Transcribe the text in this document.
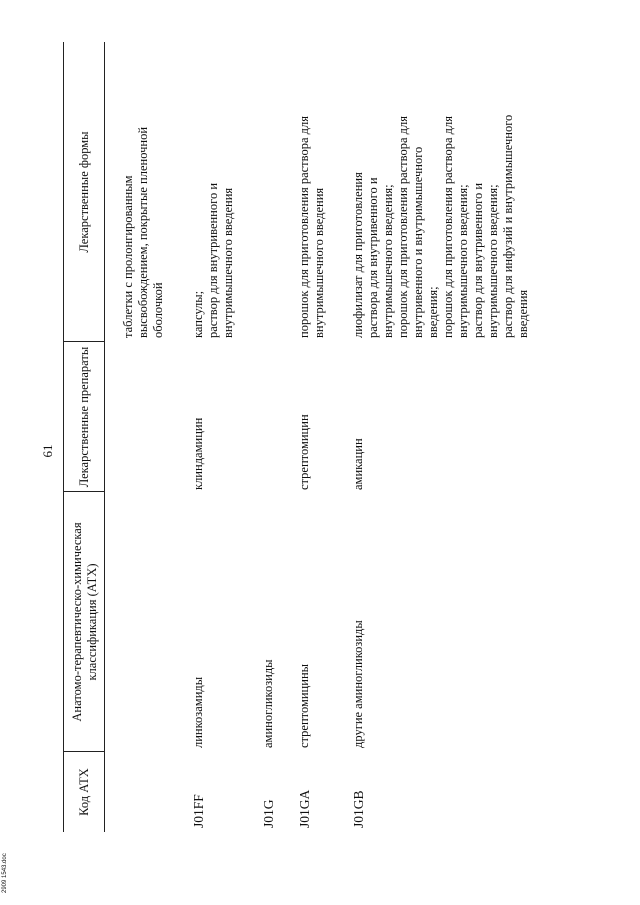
61
Код АТХ
Анатомо-терапевтическо-химическая
классификация (АТХ)
Лекарственные препараты
Лекарственные формы
таблетки с пролонгированным
высвобождением, покрытые пленочной
оболочкой
J01FF
линкозамиды
клиндамицин
капсулы;
раствор для внутривенного и
внутримышечного введения
J01G
аминогликозиды
J01GA
стрептомицины
стрептомицин
порошок для приготовления раствора для
внутримышечного введения
J01GB
другие аминогликозиды
амикацин
лиофилизат для приготовления
раствора для внутривенного и
внутримышечного введения;
порошок для приготовления раствора для
внутривенного и внутримышечного
введения;
порошок для приготовления раствора для
внутримышечного введения;
раствор для внутривенного и
внутримышечного введения;
раствор для инфузий и внутримышечного
введения
2909 1543.doc
